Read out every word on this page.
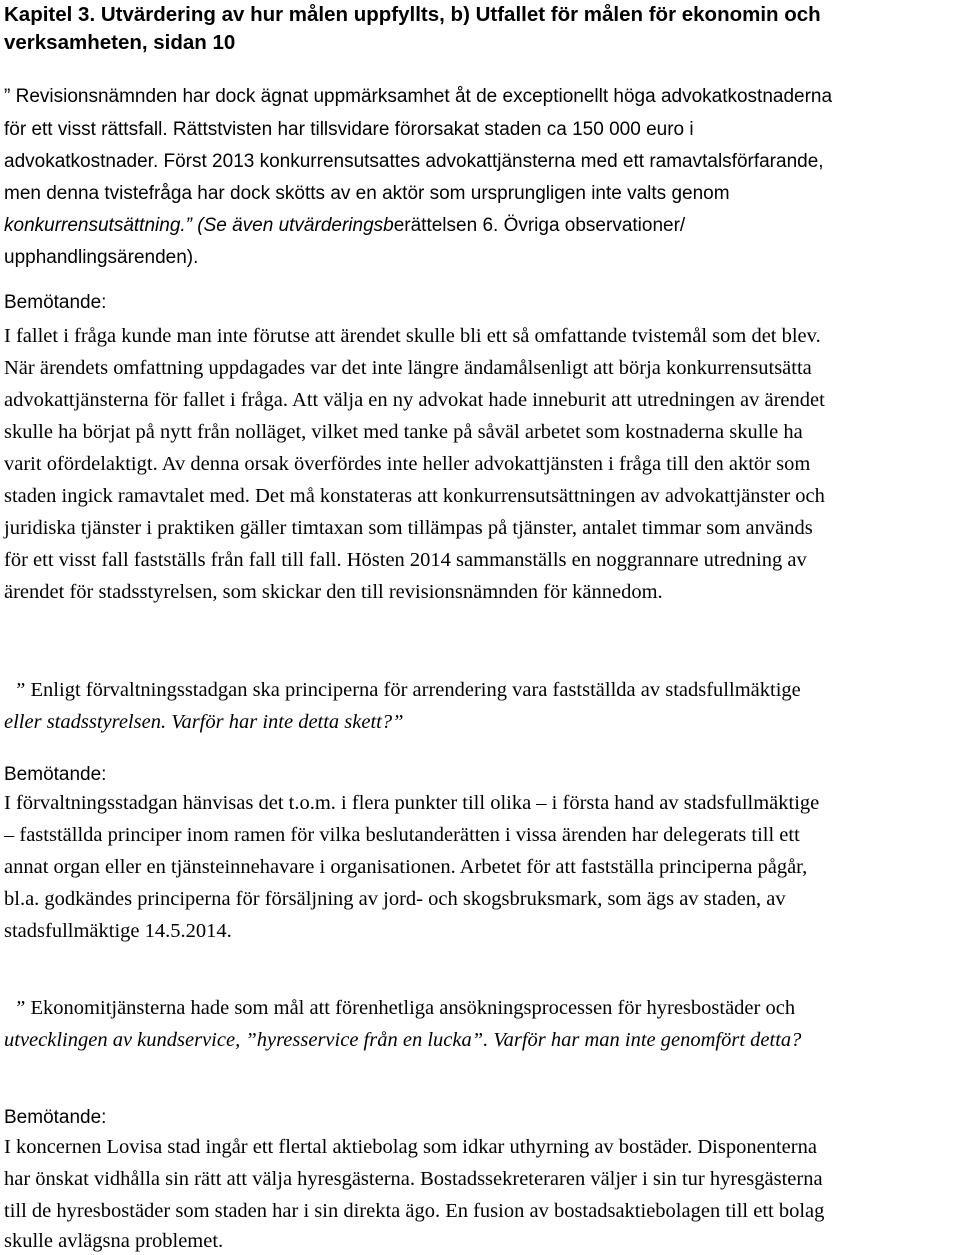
Kapitel 3. Utvärdering av hur målen uppfyllts, b) Utfallet för målen för ekonomin och
verksamheten, sidan 10
” Revisionsnämnden har dock ägnat uppmärksamhet åt de exceptionellt höga advokatkostnaderna
för ett visst rättsfall. Rättstvisten har tillsvidare förorsakat staden ca 150 000 euro i
advokatkostnader. Först 2013 konkurrensutsattes advokattjänsterna med ett ramavtalsförfarande,
men denna tvistefråga har dock skötts av en aktör som ursprungligen inte valts genom
konkurrensutsättning.” (Se även utvärderingsberättelsen 6. Övriga observationer/
upphandlingsärenden).
Bemötande:
I fallet i fråga kunde man inte förutse att ärendet skulle bli ett så omfattande tvistemål som det blev.
När ärendets omfattning uppdagades var det inte längre ändamålsenligt att börja konkurrensutsätta
advokattjänsterna för fallet i fråga. Att välja en ny advokat hade inneburit att utredningen av ärendet
skulle ha börjat på nytt från nolläget, vilket med tanke på såväl arbetet som kostnaderna skulle ha
varit ofördelaktigt. Av denna orsak överfördes inte heller advokattjänsten i fråga till den aktör som
staden ingick ramavtalet med. Det må konstateras att konkurrensutsättningen av advokattjänster och
juridiska tjänster i praktiken gäller timtaxan som tillämpas på tjänster, antalet timmar som används
för ett visst fall fastställs från fall till fall. Hösten 2014 sammanställs en noggrannare utredning av
ärendet för stadsstyrelsen, som skickar den till revisionsnämnden för kännedom.
” Enligt förvaltningsstadgan ska principerna för arrendering vara fastställda av stadsfullmäktige
eller stadsstyrelsen. Varför har inte detta skett?”
Bemötande:
I förvaltningsstadgan hänvisas det t.o.m. i flera punkter till olika – i första hand av stadsfullmäktige
– fastställda principer inom ramen för vilka beslutanderätten i vissa ärenden har delegerats till ett
annat organ eller en tjänsteinnehavare i organisationen. Arbetet för att fastställa principerna pågår,
bl.a. godkändes principerna för försäljning av jord- och skogsbruksmark, som ägs av staden, av
stadsfullmäktige 14.5.2014.
” Ekonomitjänsterna hade som mål att förenhetliga ansökningsprocessen för hyresbostäder och
utvecklingen av kundservice, ”hyresservice från en lucka”. Varför har man inte genomfört detta?
Bemötande:
I koncernen Lovisa stad ingår ett flertal aktiebolag som idkar uthyrning av bostäder. Disponenterna
har önskat vidhålla sin rätt att välja hyresgästerna. Bostadssekreteraren väljer i sin tur hyresgästerna
till de hyresbostäder som staden har i sin direkta ägo. En fusion av bostadsaktiebolagen till ett bolag
skulle avlägsna problemet.
